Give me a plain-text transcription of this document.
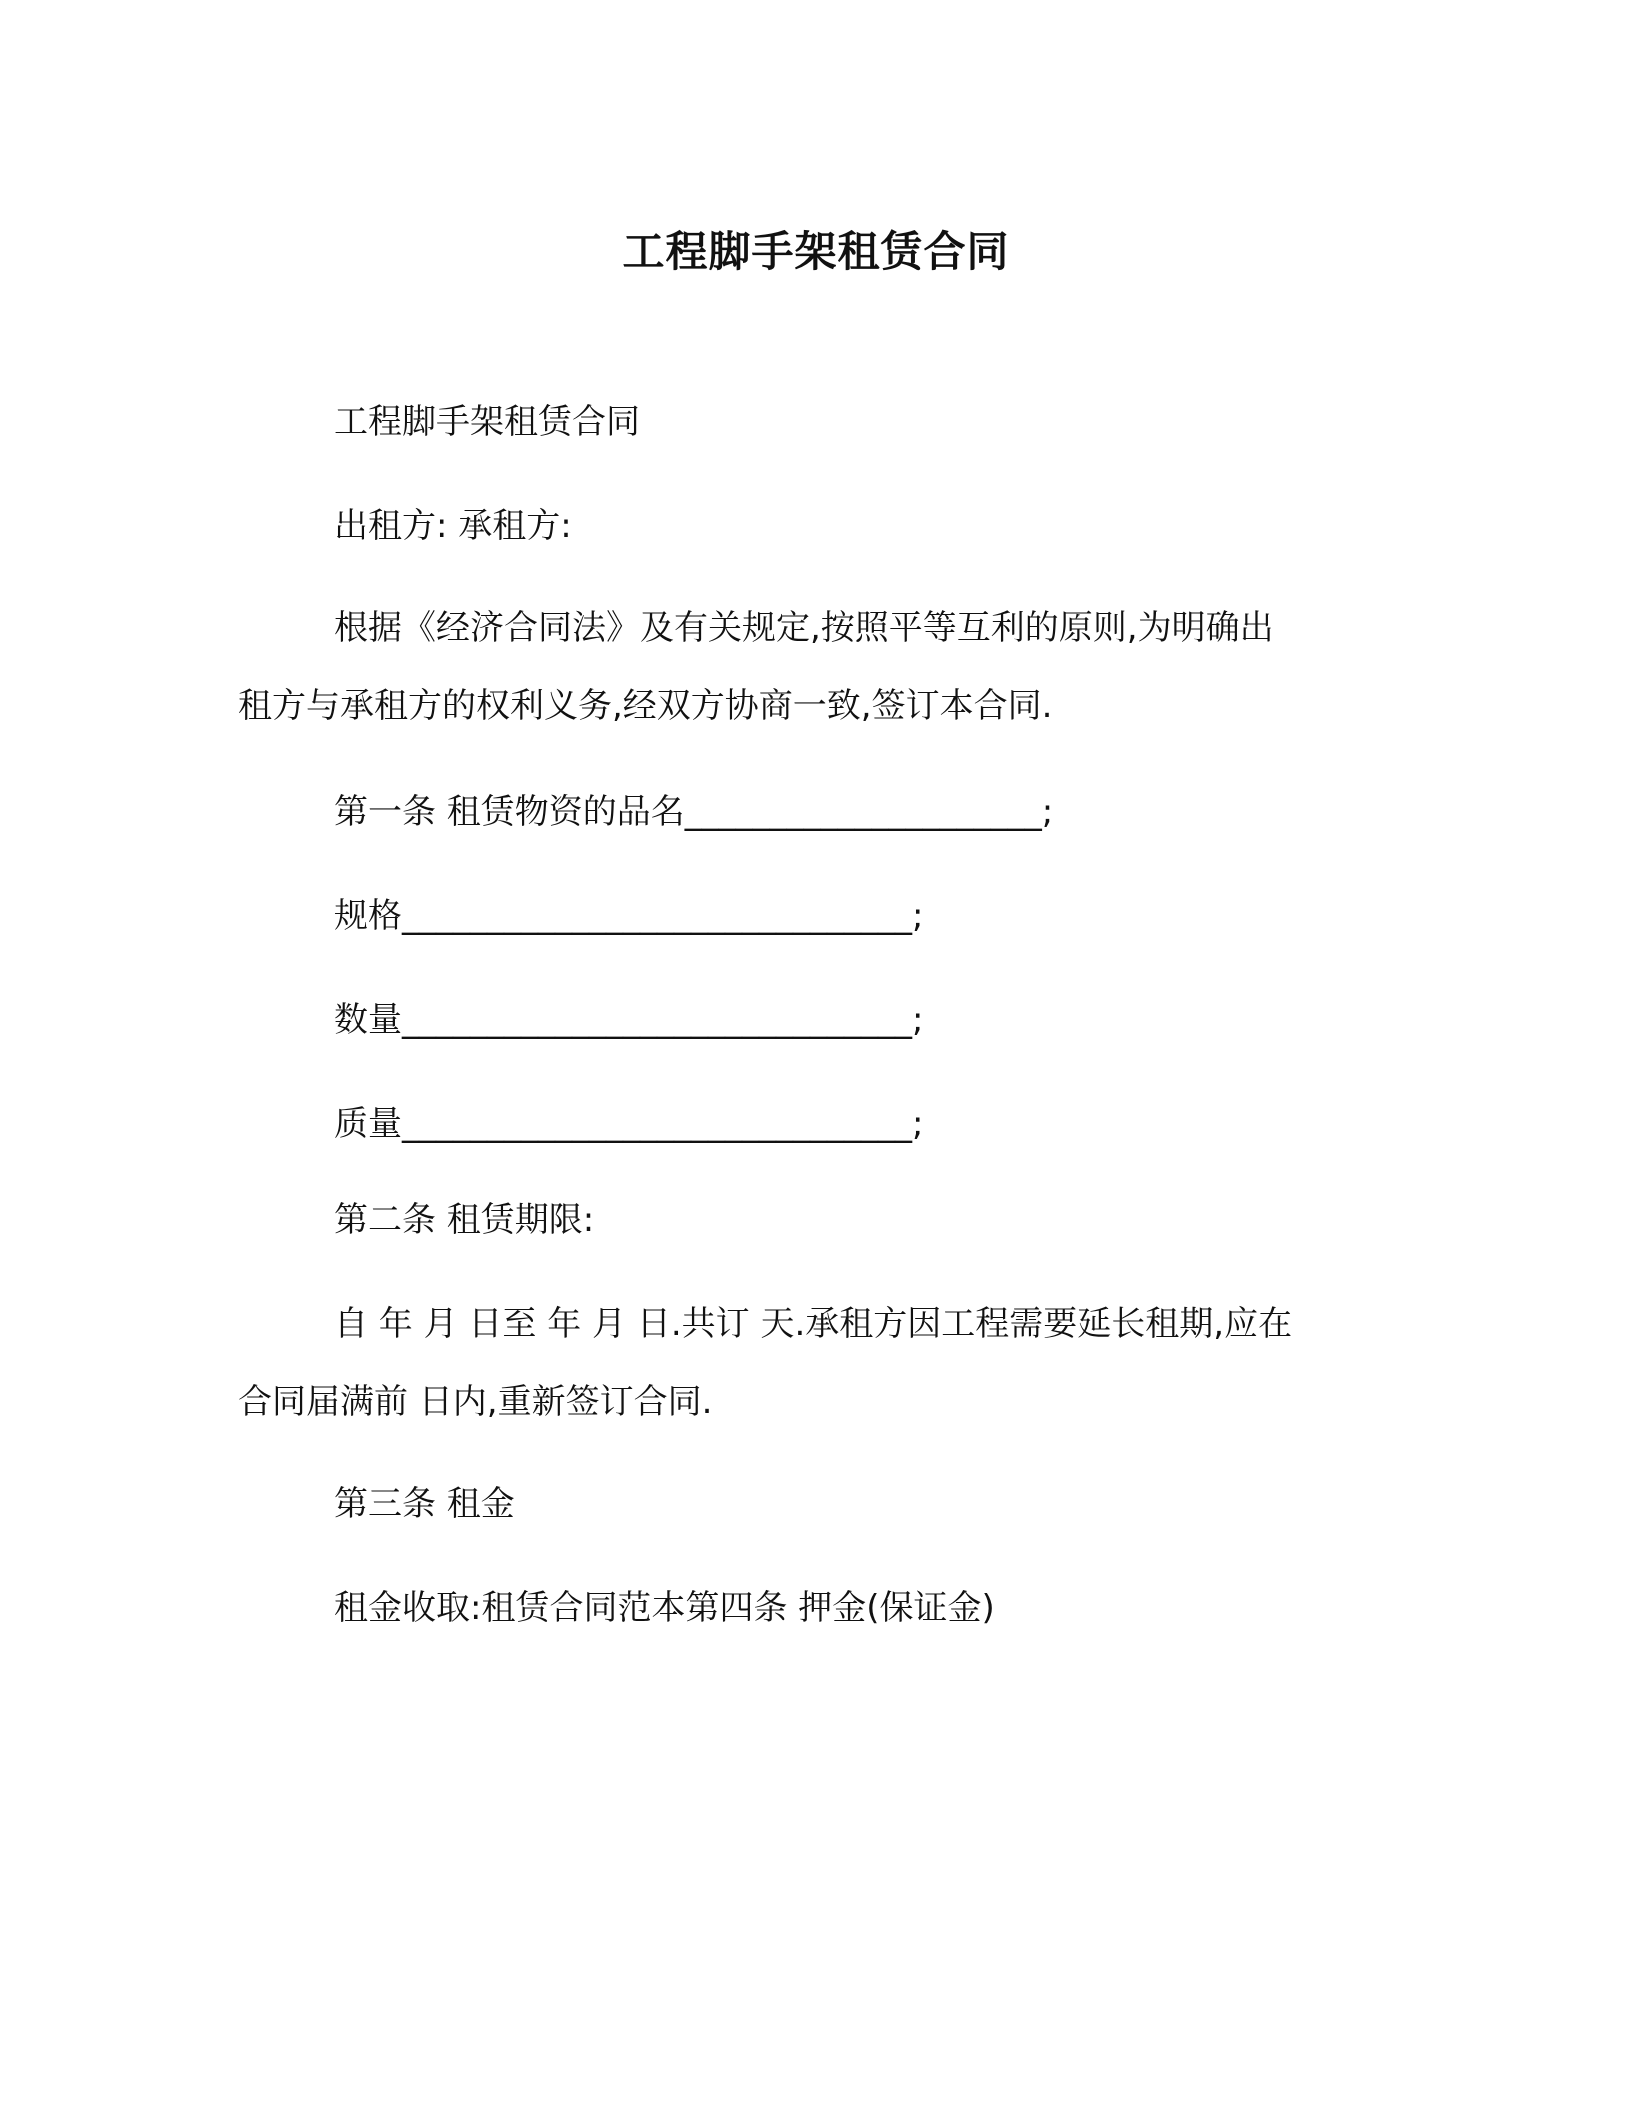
工程脚手架租赁合同
工程脚手架租赁合同
出租方: 承租方:
根据《经济合同法》及有关规定,按照平等互利的原则,为明确出
租方与承租方的权利义务,经双方协商一致,签订本合同.
第一条 租赁物资的品名_____________________;
规格______________________________;
数量______________________________;
质量______________________________;
第二条 租赁期限:
自 年 月 日至 年 月 日.共订 天.承租方因工程需要延长租期,应在
合同届满前 日内,重新签订合同.
第三条 租金
租金收取:租赁合同范本第四条 押金(保证金)
